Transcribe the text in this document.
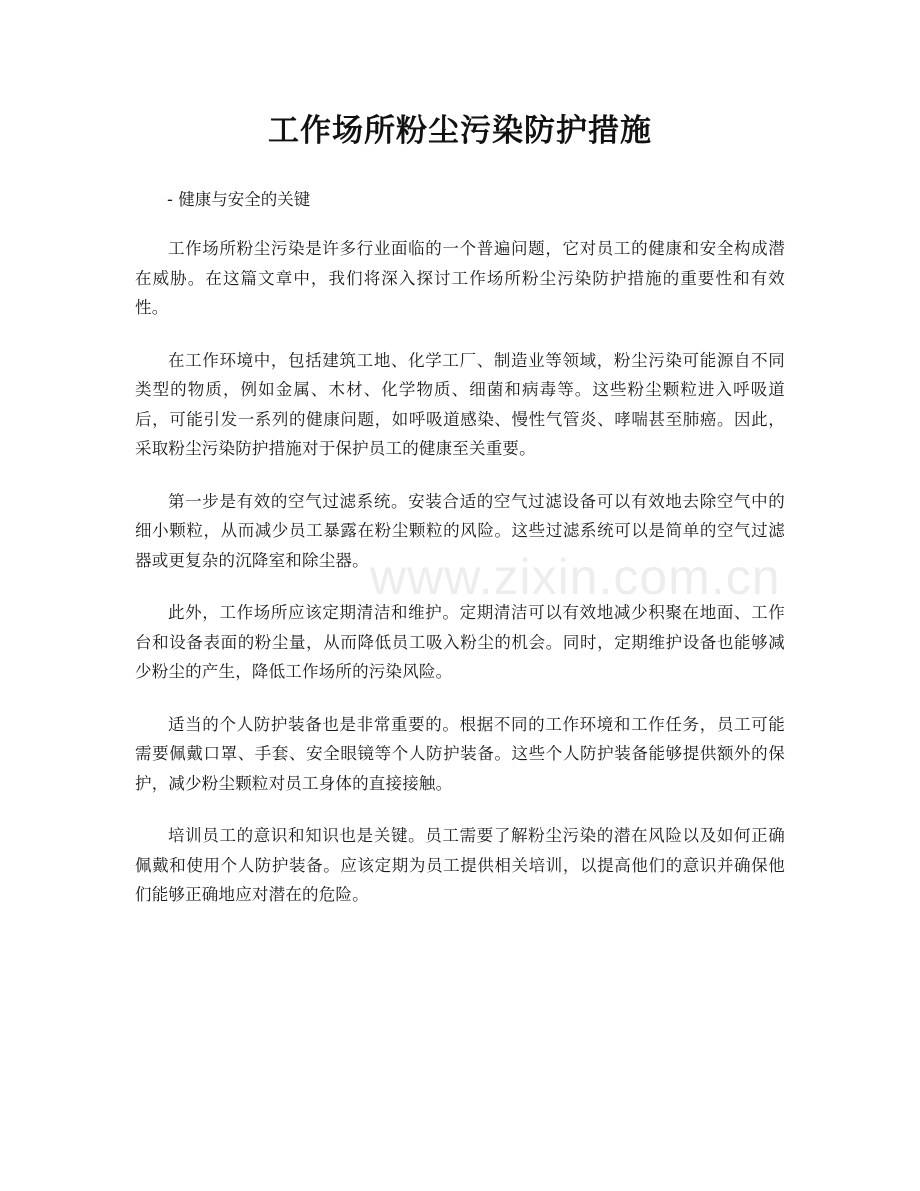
工作场所粉尘污染防护措施

- 健康与安全的关键

工作场所粉尘污染是许多行业面临的一个普遍问题，它对员工的健康和安全构成潜在威胁。在这篇文章中，我们将深入探讨工作场所粉尘污染防护措施的重要性和有效性。

在工作环境中，包括建筑工地、化学工厂、制造业等领域，粉尘污染可能源自不同类型的物质，例如金属、木材、化学物质、细菌和病毒等。这些粉尘颗粒进入呼吸道后，可能引发一系列的健康问题，如呼吸道感染、慢性气管炎、哮喘甚至肺癌。因此，采取粉尘污染防护措施对于保护员工的健康至关重要。

第一步是有效的空气过滤系统。安装合适的空气过滤设备可以有效地去除空气中的细小颗粒，从而减少员工暴露在粉尘颗粒的风险。这些过滤系统可以是简单的空气过滤器或更复杂的沉降室和除尘器。

此外，工作场所应该定期清洁和维护。定期清洁可以有效地减少积聚在地面、工作台和设备表面的粉尘量，从而降低员工吸入粉尘的机会。同时，定期维护设备也能够减少粉尘的产生，降低工作场所的污染风险。

适当的个人防护装备也是非常重要的。根据不同的工作环境和工作任务，员工可能需要佩戴口罩、手套、安全眼镜等个人防护装备。这些个人防护装备能够提供额外的保护，减少粉尘颗粒对员工身体的直接接触。

培训员工的意识和知识也是关键。员工需要了解粉尘污染的潜在风险以及如何正确佩戴和使用个人防护装备。应该定期为员工提供相关培训，以提高他们的意识并确保他们能够正确地应对潜在的危险。

www.zixin.com.cn
